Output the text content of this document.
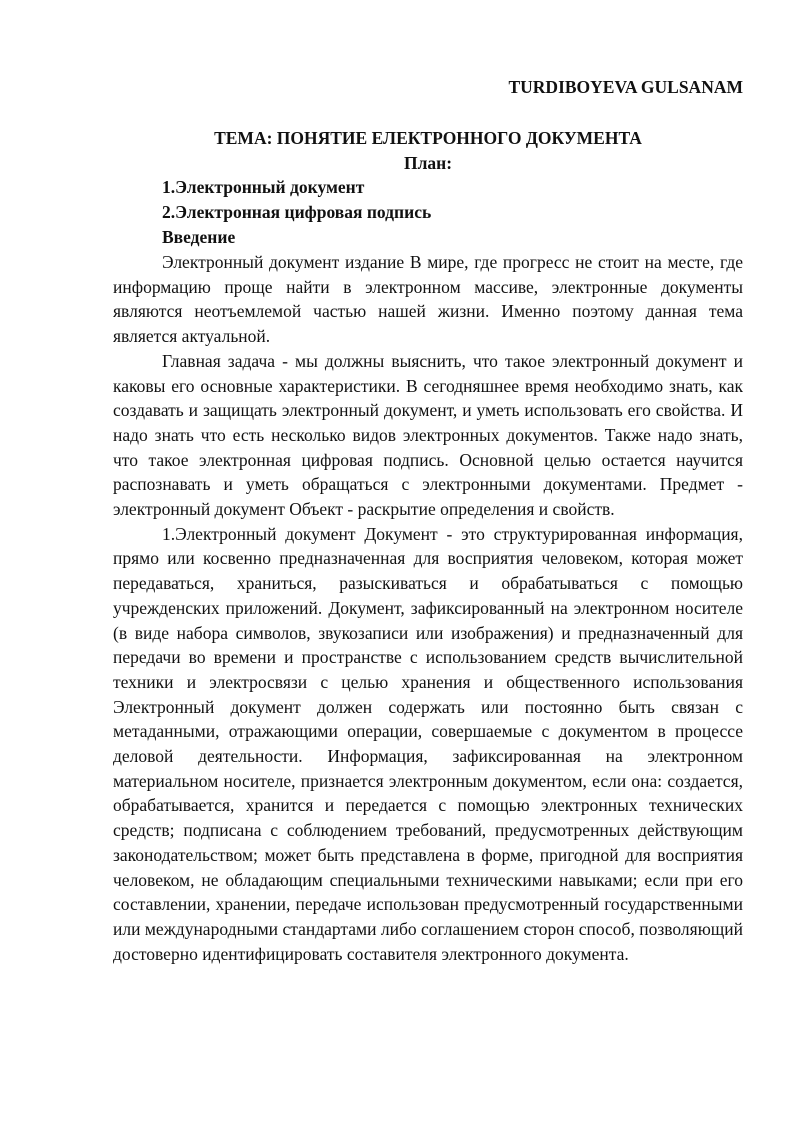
TURDIBOYEVA GULSANAM
ТЕМА: ПОНЯТИЕ ЕЛЕКТРОННОГО ДОКУМЕНТА
План:
1.Электронный документ
2.Электронная цифровая подпись
Введение

Электронный документ издание В мире, где прогресс не стоит на месте, где информацию проще найти в электронном массиве, электронные документы являются неотъемлемой частью нашей жизни. Именно поэтому данная тема является актуальной.

Главная задача - мы должны выяснить, что такое электронный документ и каковы его основные характеристики. В сегодняшнее время необходимо знать, как создавать и защищать электронный документ, и уметь использовать его свойства. И надо знать что есть несколько видов электронных документов. Также надо знать, что такое электронная цифровая подпись. Основной целью остается научится распознавать и уметь обращаться с электронными документами. Предмет - электронный документ Объект - раскрытие определения и свойств.

1.Электронный документ Документ - это структурированная информация, прямо или косвенно предназначенная для восприятия человеком, которая может передаваться, храниться, разыскиваться и обрабатываться с помощью учрежденских приложений. Документ, зафиксированный на электронном носителе (в виде набора символов, звукозаписи или изображения) и предназначенный для передачи во времени и пространстве с использованием средств вычислительной техники и электросвязи с целью хранения и общественного использования Электронный документ должен содержать или постоянно быть связан с метаданными, отражающими операции, совершаемые с документом в процессе деловой деятельности. Информация, зафиксированная на электронном материальном носителе, признается электронным документом, если она: создается, обрабатывается, хранится и передается с помощью электронных технических средств; подписана с соблюдением требований, предусмотренных действующим законодательством; может быть представлена в форме, пригодной для восприятия человеком, не обладающим специальными техническими навыками; если при его составлении, хранении, передаче использован предусмотренный государственными или международными стандартами либо соглашением сторон способ, позволяющий достоверно идентифицировать составителя электронного документа.
